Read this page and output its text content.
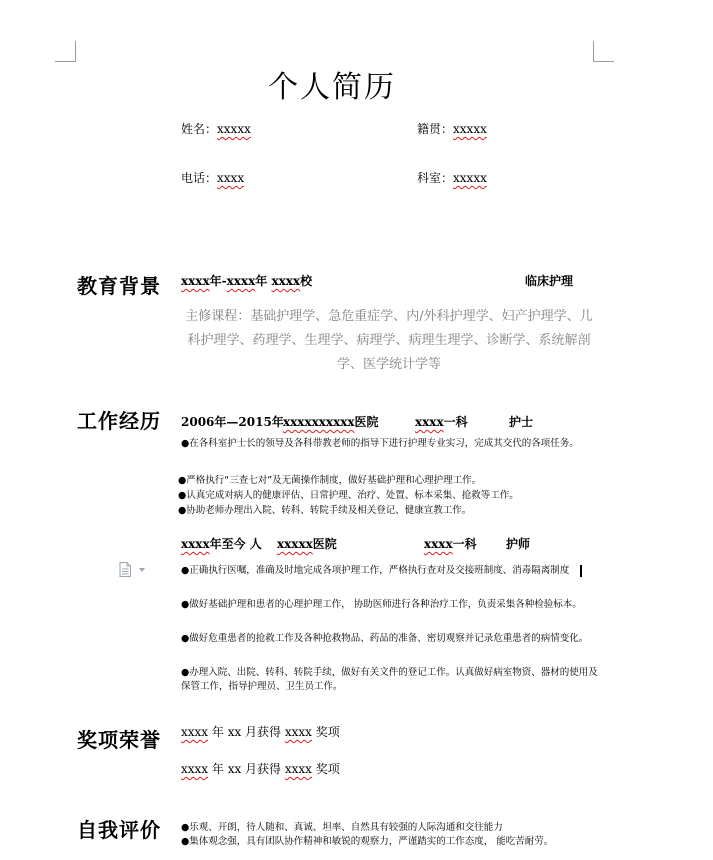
个人简历
姓名：xxxxx	籍贯：xxxxx
电话：xxxx	科室：xxxxx
教育背景 xxxx年-xxxx年 xxxx校	临床护理
主修课程：基础护理学、急危重症学、内/外科护理学、妇产护理学、儿科护理学、药理学、生理学、病理学、病理生理学、诊断学、系统解剖学、医学统计学等
工作经历 2006年—2015年 xxxxxxxxxx医院	xxxx一科	护士
●在各科室护士长的领导及各科带教老师的指导下进行护理专业实习，完成其交代的各项任务。
●严格执行“三查七对”及无菌操作制度，做好基础护理和心理护理工作。
●认真完成对病人的健康评估、日常护理、治疗、处置、标本采集、抢救等工作。
●协助老师办理出入院、转科、转院手续及相关登记、健康宣教工作。
xxxx年至今 人 xxxxx医院	xxxx一科 护师
●正确执行医嘱，准确及时地完成各项护理工作，严格执行查对及交接班制度、消毒隔离制度
●做好基础护理和患者的心理护理工作， 协助医师进行各种治疗工作，负责采集各种检验标本。
●做好危重患者的抢救工作及各种抢救物品、药品的准备、密切观察并记录危重患者的病情变化。
●办理入院、出院、转科、转院手续，做好有关文件的登记工作。认真做好病室物资、器材的使用及保管工作，指导护理员、卫生员工作。
奖项荣誉 xxxx 年 xx 月获得 xxxx 奖项
xxxx 年 xx 月获得 xxxx 奖项
自我评价 ●乐观、开朗，待人随和、真诚、坦率、自然具有较强的人际沟通和交往能力
●集体观念强，具有团队协作精神和敏锐的观察力，严谨踏实的工作态度， 能吃苦耐劳。
